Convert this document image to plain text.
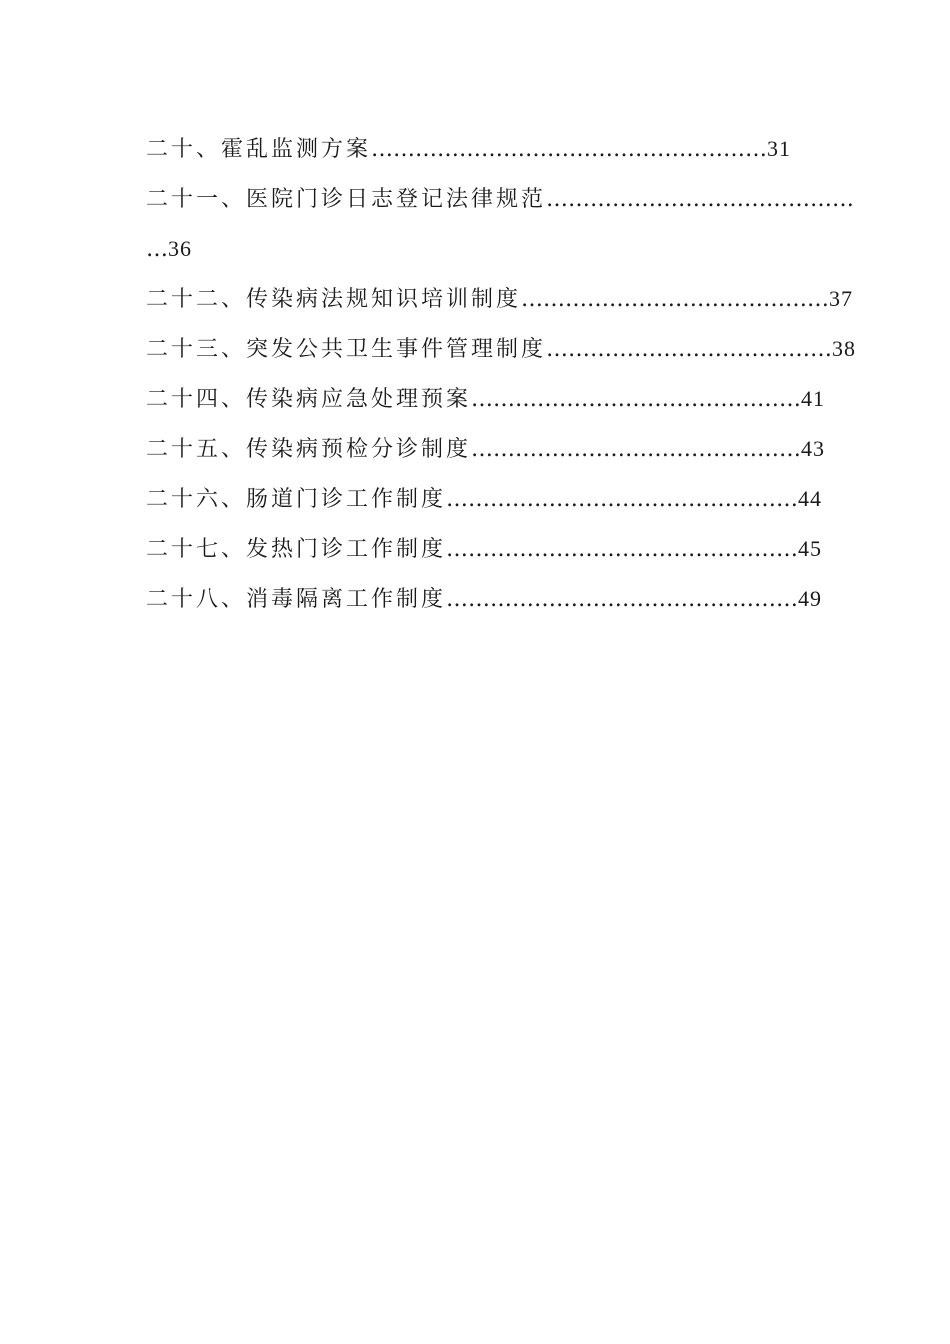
二十、霍乱监测方案………………………………………………31
二十一、医院门诊日志登记法律规范……………………………………
…36
二十二、传染病法规知识培训制度……………………………………37
二十三、突发公共卫生事件管理制度…………………………………38
二十四、传染病应急处理预案………………………………………41
二十五、传染病预检分诊制度………………………………………43
二十六、肠道门诊工作制度…………………………………………44
二十七、发热门诊工作制度…………………………………………45
二十八、消毒隔离工作制度…………………………………………49
